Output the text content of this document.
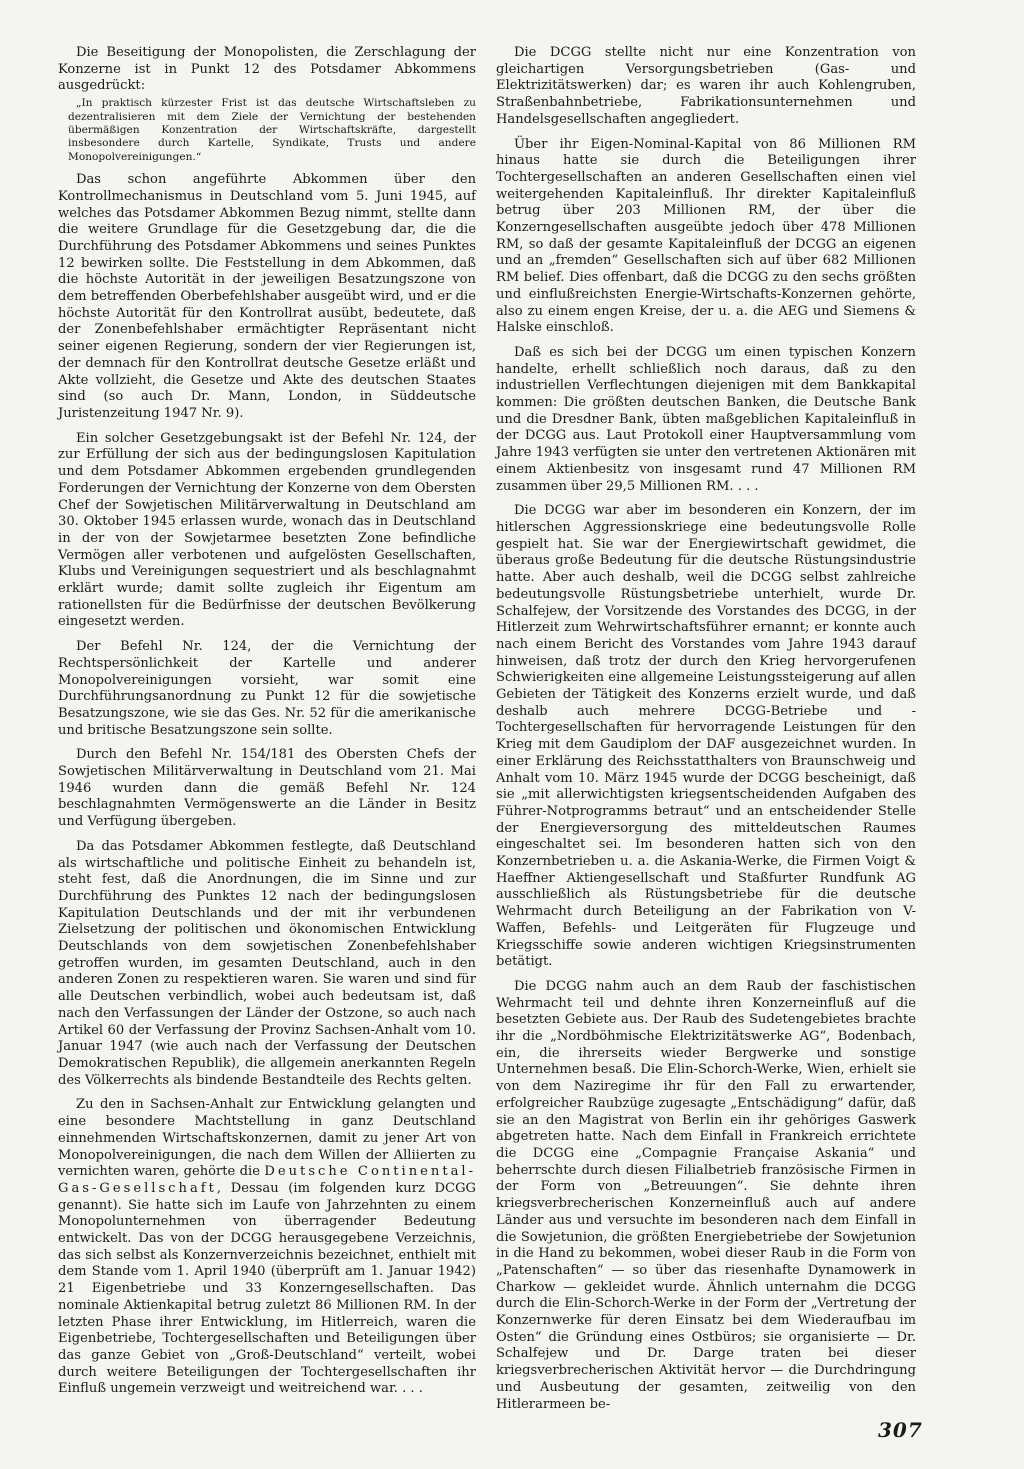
Die Beseitigung der Monopolisten, die Zerschlagung der Konzerne ist in Punkt 12 des Potsdamer Abkommens ausgedrückt:

„In praktisch kürzester Frist ist das deutsche Wirtschaftsleben zu dezentralisieren mit dem Ziele der Vernichtung der bestehenden übermäßigen Konzentration der Wirtschaftskräfte, dargestellt insbesondere durch Kartelle, Syndikate, Trusts und andere Monopolvereinigungen.“

Das schon angeführte Abkommen über den Kontrollmechanismus in Deutschland vom 5. Juni 1945, auf welches das Potsdamer Abkommen Bezug nimmt, stellte dann die weitere Grundlage für die Gesetzgebung dar, die die Durchführung des Potsdamer Abkommens und seines Punktes 12 bewirken sollte. Die Feststellung in dem Abkommen, daß die höchste Autorität in der jeweiligen Besatzungszone von dem betreffenden Oberbefehlshaber ausgeübt wird, und er die höchste Autorität für den Kontrollrat ausübt, bedeutete, daß der Zonenbefehlshaber ermächtigter Repräsentant nicht seiner eigenen Regierung, sondern der vier Regierungen ist, der demnach für den Kontrollrat deutsche Gesetze erläßt und Akte vollzieht, die Gesetze und Akte des deutschen Staates sind (so auch Dr. Mann, London, in Süddeutsche Juristenzeitung 1947 Nr. 9).

Ein solcher Gesetzgebungsakt ist der Befehl Nr. 124, der zur Erfüllung der sich aus der bedingungslosen Kapitulation und dem Potsdamer Abkommen ergebenden grundlegenden Forderungen der Vernichtung der Konzerne von dem Obersten Chef der Sowjetischen Militärverwaltung in Deutschland am 30. Oktober 1945 erlassen wurde, wonach das in Deutschland in der von der Sowjetarmee besetzten Zone befindliche Vermögen aller verbotenen und aufgelösten Gesellschaften, Klubs und Vereinigungen sequestriert und als beschlagnahmt erklärt wurde; damit sollte zugleich ihr Eigentum am rationellsten für die Bedürfnisse der deutschen Bevölkerung eingesetzt werden.

Der Befehl Nr. 124, der die Vernichtung der Rechtspersönlichkeit der Kartelle und anderer Monopolvereinigungen vorsieht, war somit eine Durchführungsanordnung zu Punkt 12 für die sowjetische Besatzungszone, wie sie das Ges. Nr. 52 für die amerikanische und britische Besatzungszone sein sollte.

Durch den Befehl Nr. 154/181 des Obersten Chefs der Sowjetischen Militärverwaltung in Deutschland vom 21. Mai 1946 wurden dann die gemäß Befehl Nr. 124 beschlagnahmten Vermögenswerte an die Länder in Besitz und Verfügung übergeben.

Da das Potsdamer Abkommen festlegte, daß Deutschland als wirtschaftliche und politische Einheit zu behandeln ist, steht fest, daß die Anordnungen, die im Sinne und zur Durchführung des Punktes 12 nach der bedingungslosen Kapitulation Deutschlands und der mit ihr verbundenen Zielsetzung der politischen und ökonomischen Entwicklung Deutschlands von dem sowjetischen Zonenbefehlshaber getroffen wurden, im gesamten Deutschland, auch in den anderen Zonen zu respektieren waren. Sie waren und sind für alle Deutschen verbindlich, wobei auch bedeutsam ist, daß nach den Verfassungen der Länder der Ostzone, so auch nach Artikel 60 der Verfassung der Provinz Sachsen-Anhalt vom 10. Januar 1947 (wie auch nach der Verfassung der Deutschen Demokratischen Republik), die allgemein anerkannten Regeln des Völkerrechts als bindende Bestandteile des Rechts gelten.

Zu den in Sachsen-Anhalt zur Entwicklung gelangten und eine besondere Machtstellung in ganz Deutschland einnehmenden Wirtschaftskonzernen, damit zu jener Art von Monopolvereinigungen, die nach dem Willen der Alliierten zu vernichten waren, gehörte die Deutsche Continental-Gas-Gesellschaft, Dessau (im folgenden kurz DCGG genannt). Sie hatte sich im Laufe von Jahrzehnten zu einem Monopolunternehmen von überragender Bedeutung entwickelt. Das von der DCGG herausgegebene Verzeichnis, das sich selbst als Konzernverzeichnis bezeichnet, enthielt mit dem Stande vom 1. April 1940 (überprüft am 1. Januar 1942) 21 Eigenbetriebe und 33 Konzerngesellschaften. Das nominale Aktienkapital betrug zuletzt 86 Millionen RM. In der letzten Phase ihrer Entwicklung, im Hitlerreich, waren die Eigenbetriebe, Tochtergesellschaften und Beteiligungen über das ganze Gebiet von „Groß-Deutschland“ verteilt, wobei durch weitere Beteiligungen der Tochtergesellschaften ihr Einfluß ungemein verzweigt und weitreichend war. . . .

Die DCGG stellte nicht nur eine Konzentration von gleichartigen Versorgungsbetrieben (Gas- und Elektrizitätswerken) dar; es waren ihr auch Kohlengruben, Straßenbahnbetriebe, Fabrikationsunternehmen und Handelsgesellschaften angegliedert.

Über ihr Eigen-Nominal-Kapital von 86 Millionen RM hinaus hatte sie durch die Beteiligungen ihrer Tochtergesellschaften an anderen Gesellschaften einen viel weitergehenden Kapitaleinfluß. Ihr direkter Kapitaleinfluß betrug über 203 Millionen RM, der über die Konzerngesellschaften ausgeübte jedoch über 478 Millionen RM, so daß der gesamte Kapitaleinfluß der DCGG an eigenen und an „fremden“ Gesellschaften sich auf über 682 Millionen RM belief. Dies offenbart, daß die DCGG zu den sechs größten und einflußreichsten Energie-Wirtschafts-Konzernen gehörte, also zu einem engen Kreise, der u. a. die AEG und Siemens & Halske einschloß.

Daß es sich bei der DCGG um einen typischen Konzern handelte, erhellt schließlich noch daraus, daß zu den industriellen Verflechtungen diejenigen mit dem Bankkapital kommen: Die größten deutschen Banken, die Deutsche Bank und die Dresdner Bank, übten maßgeblichen Kapitaleinfluß in der DCGG aus. Laut Protokoll einer Hauptversammlung vom Jahre 1943 verfügten sie unter den vertretenen Aktionären mit einem Aktienbesitz von insgesamt rund 47 Millionen RM zusammen über 29,5 Millionen RM. . . .

Die DCGG war aber im besonderen ein Konzern, der im hitlerschen Aggressionskriege eine bedeutungsvolle Rolle gespielt hat. Sie war der Energiewirtschaft gewidmet, die überaus große Bedeutung für die deutsche Rüstungsindustrie hatte. Aber auch deshalb, weil die DCGG selbst zahlreiche bedeutungsvolle Rüstungsbetriebe unterhielt, wurde Dr. Schalfejew, der Vorsitzende des Vorstandes des DCGG, in der Hitlerzeit zum Wehrwirtschaftsführer ernannt; er konnte auch nach einem Bericht des Vorstandes vom Jahre 1943 darauf hinweisen, daß trotz der durch den Krieg hervorgerufenen Schwierigkeiten eine allgemeine Leistungssteigerung auf allen Gebieten der Tätigkeit des Konzerns erzielt wurde, und daß deshalb auch mehrere DCGG-Betriebe und -Tochtergesellschaften für hervorragende Leistungen für den Krieg mit dem Gaudiplom der DAF ausgezeichnet wurden. In einer Erklärung des Reichsstatthalters von Braunschweig und Anhalt vom 10. März 1945 wurde der DCGG bescheinigt, daß sie „mit allerwichtigsten kriegsentscheidenden Aufgaben des Führer-Notprogramms betraut“ und an entscheidender Stelle der Energieversorgung des mitteldeutschen Raumes eingeschaltet sei. Im besonderen hatten sich von den Konzernbetrieben u. a. die Askania-Werke, die Firmen Voigt & Haeffner Aktiengesellschaft und Staßfurter Rundfunk AG ausschließlich als Rüstungsbetriebe für die deutsche Wehrmacht durch Beteiligung an der Fabrikation von V-Waffen, Befehls- und Leitgeräten für Flugzeuge und Kriegsschiffe sowie anderen wichtigen Kriegsinstrumenten betätigt.

Die DCGG nahm auch an dem Raub der faschistischen Wehrmacht teil und dehnte ihren Konzerneinfluß auf die besetzten Gebiete aus. Der Raub des Sudetengebietes brachte ihr die „Nordböhmische Elektrizitätswerke AG“, Bodenbach, ein, die ihrerseits wieder Bergwerke und sonstige Unternehmen besaß. Die Elin-Schorch-Werke, Wien, erhielt sie von dem Naziregime ihr für den Fall zu erwartender, erfolgreicher Raubzüge zugesagte „Entschädigung“ dafür, daß sie an den Magistrat von Berlin ein ihr gehöriges Gaswerk abgetreten hatte. Nach dem Einfall in Frankreich errichtete die DCGG eine „Compagnie Française Askania“ und beherrschte durch diesen Filialbetrieb französische Firmen in der Form von „Betreuungen“. Sie dehnte ihren kriegsverbrecherischen Konzerneinfluß auch auf andere Länder aus und versuchte im besonderen nach dem Einfall in die Sowjetunion, die größten Energiebetriebe der Sowjetunion in die Hand zu bekommen, wobei dieser Raub in die Form von „Patenschaften“ — so über das riesenhafte Dynamowerk in Charkow — gekleidet wurde. Ähnlich unternahm die DCGG durch die Elin-Schorch-Werke in der Form der „Vertretung der Konzernwerke für deren Einsatz bei dem Wiederaufbau im Osten“ die Gründung eines Ostbüros; sie organisierte — Dr. Schalfejew und Dr. Darge traten bei dieser kriegsverbrecherischen Aktivität hervor — die Durchdringung und Ausbeutung der gesamten, zeitweilig von den Hitlerarmeen be-

307
